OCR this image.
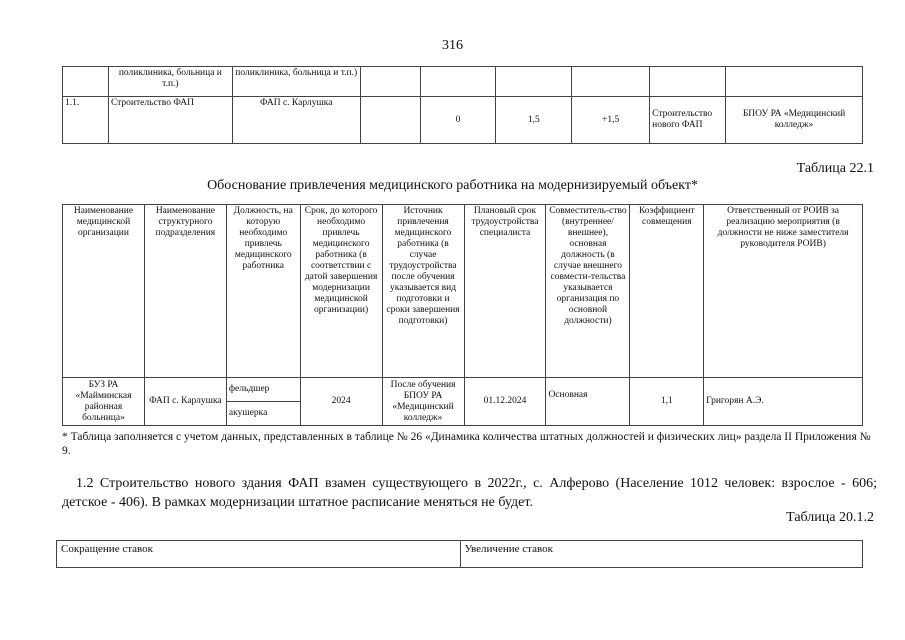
316
	поликлиника, больница и т.п.)	поликлиника, больница и т.п.)						
1.1.	Строительство ФАП	ФАП с. Карлушка		0	1,5	+1,5	Строительство нового ФАП	БПОУ РА «Медицинский колледж»
Таблица 22.1
Обоснование привлечения медицинского работника на модернизируемый объект*
Наименование медицинской организации	Наименование структурного подразделения	Должность, на которую необходимо привлечь медицинского работника	Срок, до которого необходимо привлечь медицинского работника (в соответствии с датой завершения модернизации медицинской организации)	Источник привлечения медицинского работника (в случае трудоустройства после обучения указывается вид подготовки и сроки завершения подготовки)	Плановый срок трудоустройства специалиста	Совместитель-ство (внутреннее/ внешнее), основная должность (в случае внешнего совмести-тельства указывается организация по основной должности)	Коэффициент совмещения	Ответственный от РОИВ за реализацию мероприятия (в должности не ниже заместителя руководителя РОИВ)
БУЗ РА «Майминская районная больница»	ФАП с. Карлушка	фельдшер	2024	После обучения БПОУ РА «Медицинский колледж»	01.12.2024	Основная	1,1	Григорян А.Э.
		акушерка						
* Таблица заполняется с учетом данных, представленных в таблице № 26 «Динамика количества штатных должностей и физических лиц» раздела II Приложения № 9.
1.2 Строительство нового здания ФАП взамен существующего в 2022г., с. Алферово (Население 1012 человек: взрослое - 606; детское - 406). В рамках модернизации штатное расписание меняться не будет.
Таблица 20.1.2
Сокращение ставок	Увеличение ставок
